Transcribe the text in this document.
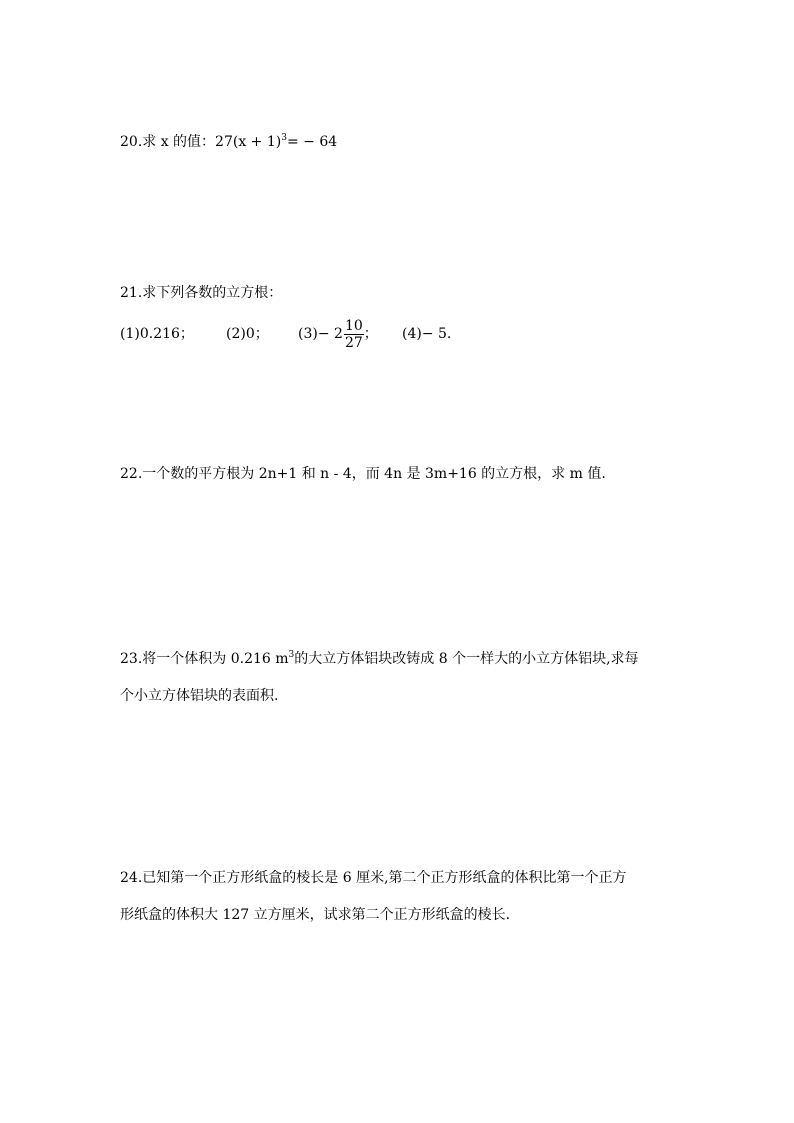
20.求 x 的值：$27(x + 1)^3= - 64$
21.求下列各数的立方根：
(1)0.216； (2)0； $(3)- 2 \frac{10}{27}$ ； (4)− 5.
22.一个数的平方根为 2n+1 和 n - 4，而 4n 是 3m+16 的立方根，求 m 值.
23.将一个体积为 0.216 $m^3$的大立方体铝块改铸成 8 个一样大的小立方体铝块,求每
个小立方体铝块的表面积.
24.已知第一个正方形纸盒的棱长是 6 厘米,第二个正方形纸盒的体积比第一个正方
形纸盒的体积大 127 立方厘米，试求第二个正方形纸盒的棱长.
